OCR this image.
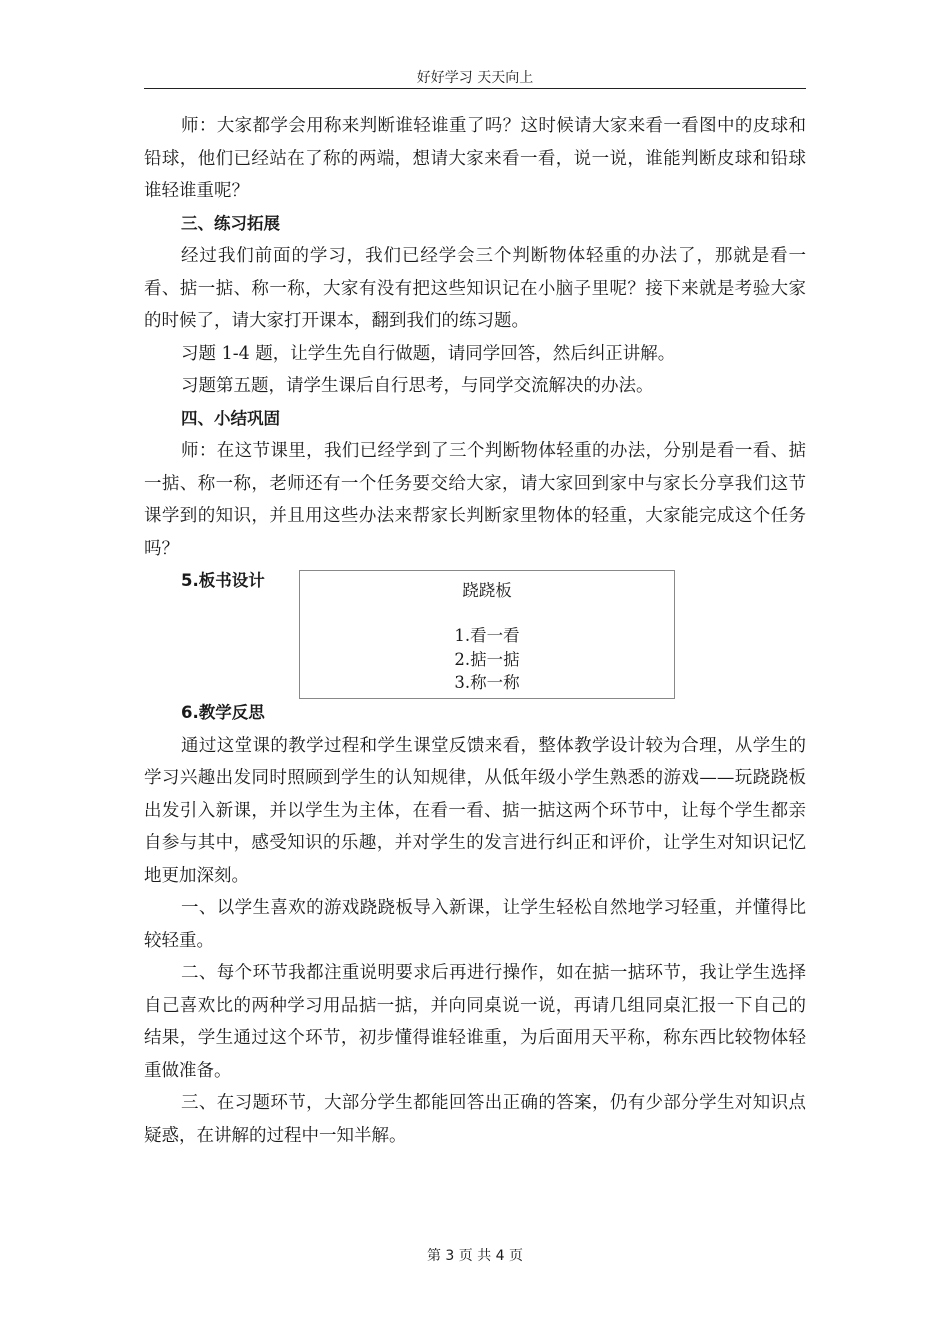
好好学习 天天向上

师：大家都学会用称来判断谁轻谁重了吗？这时候请大家来看一看图中的皮球和铅球，他们已经站在了称的两端，想请大家来看一看，说一说，谁能判断皮球和铅球谁轻谁重呢？

三、练习拓展

经过我们前面的学习，我们已经学会三个判断物体轻重的办法了，那就是看一看、掂一掂、称一称，大家有没有把这些知识记在小脑子里呢？接下来就是考验大家的时候了，请大家打开课本，翻到我们的练习题。

习题 1-4 题，让学生先自行做题，请同学回答，然后纠正讲解。

习题第五题，请学生课后自行思考，与同学交流解决的办法。

四、小结巩固

师：在这节课里，我们已经学到了三个判断物体轻重的办法，分别是看一看、掂一掂、称一称，老师还有一个任务要交给大家，请大家回到家中与家长分享我们这节课学到的知识，并且用这些办法来帮家长判断家里物体的轻重，大家能完成这个任务吗？

5.板书设计

跷跷板
1.看一看
2.掂一掂
3.称一称

6.教学反思

通过这堂课的教学过程和学生课堂反馈来看，整体教学设计较为合理，从学生的学习兴趣出发同时照顾到学生的认知规律，从低年级小学生熟悉的游戏——玩跷跷板出发引入新课，并以学生为主体，在看一看、掂一掂这两个环节中，让每个学生都亲自参与其中，感受知识的乐趣，并对学生的发言进行纠正和评价，让学生对知识记忆地更加深刻。

一、以学生喜欢的游戏跷跷板导入新课，让学生轻松自然地学习轻重，并懂得比较轻重。

二、每个环节我都注重说明要求后再进行操作，如在掂一掂环节，我让学生选择自己喜欢比的两种学习用品掂一掂，并向同桌说一说，再请几组同桌汇报一下自己的结果，学生通过这个环节，初步懂得谁轻谁重，为后面用天平称，称东西比较物体轻重做准备。

三、在习题环节，大部分学生都能回答出正确的答案，仍有少部分学生对知识点疑惑，在讲解的过程中一知半解。

第 3 页 共 4 页
